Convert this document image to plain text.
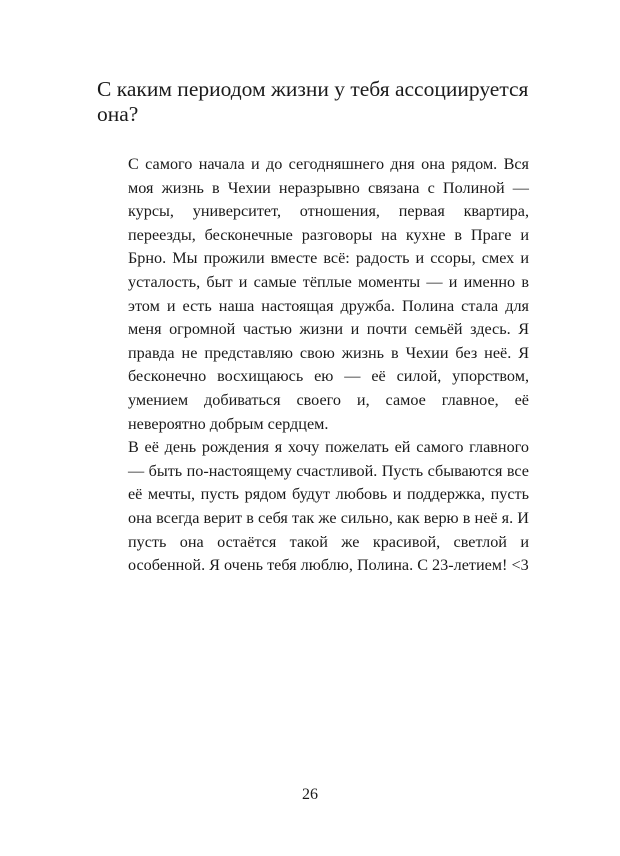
С каким периодом жизни у тебя ассоциируется она?

С самого начала и до сегодняшнего дня она рядом. Вся моя жизнь в Чехии неразрывно связана с Полиной — курсы, университет, отношения, первая квартира, переезды, бесконечные разговоры на кухне в Праге и Брно. Мы прожили вместе всё: радость и ссоры, смех и усталость, быт и самые тёплые моменты — и именно в этом и есть наша настоящая дружба. Полина стала для меня огромной частью жизни и почти семьёй здесь. Я правда не представляю свою жизнь в Чехии без неё. Я бесконечно восхищаюсь ею — её силой, упорством, умением добиваться своего и, самое главное, её невероятно добрым сердцем.

В её день рождения я хочу пожелать ей самого главного — быть по-настоящему счастливой. Пусть сбываются все её мечты, пусть рядом будут любовь и поддержка, пусть она всегда верит в себя так же сильно, как верю в неё я. И пусть она остаётся такой же красивой, светлой и особенной. Я очень тебя люблю, Полина. С 23-летием! <3

26
